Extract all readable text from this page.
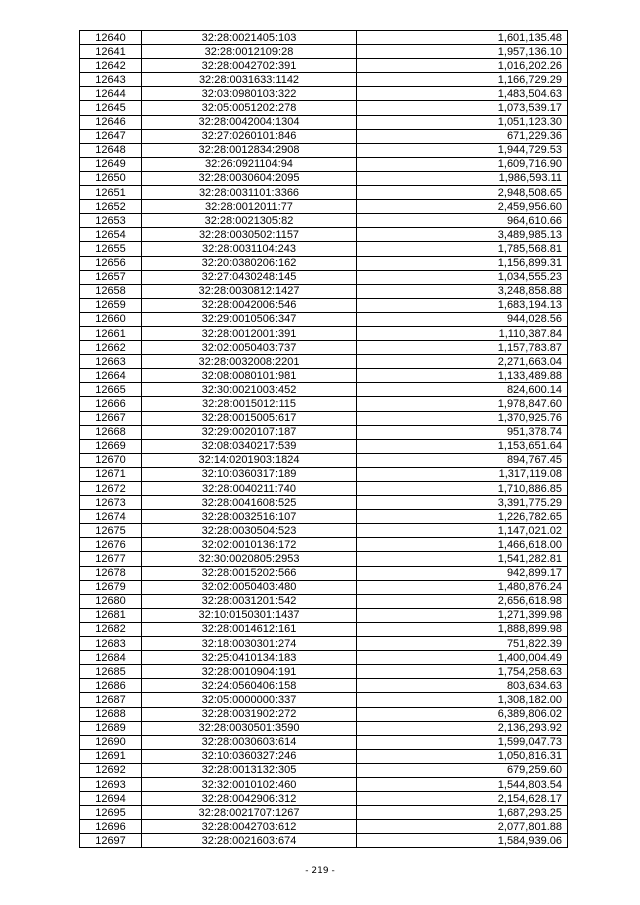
12640	32:28:0021405:103	1,601,135.48
12641	32:28:0012109:28	1,957,136.10
12642	32:28:0042702:391	1,016,202.26
12643	32:28:0031633:1142	1,166,729.29
12644	32:03:0980103:322	1,483,504.63
12645	32:05:0051202:278	1,073,539.17
12646	32:28:0042004:1304	1,051,123.30
12647	32:27:0260101:846	671,229.36
12648	32:28:0012834:2908	1,944,729.53
12649	32:26:0921104:94	1,609,716.90
12650	32:28:0030604:2095	1,986,593.11
12651	32:28:0031101:3366	2,948,508.65
12652	32:28:0012011:77	2,459,956.60
12653	32:28:0021305:82	964,610.66
12654	32:28:0030502:1157	3,489,985.13
12655	32:28:0031104:243	1,785,568.81
12656	32:20:0380206:162	1,156,899.31
12657	32:27:0430248:145	1,034,555.23
12658	32:28:0030812:1427	3,248,858.88
12659	32:28:0042006:546	1,683,194.13
12660	32:29:0010506:347	944,028.56
12661	32:28:0012001:391	1,110,387.84
12662	32:02:0050403:737	1,157,783.87
12663	32:28:0032008:2201	2,271,663.04
12664	32:08:0080101:981	1,133,489.88
12665	32:30:0021003:452	824,600.14
12666	32:28:0015012:115	1,978,847.60
12667	32:28:0015005:617	1,370,925.76
12668	32:29:0020107:187	951,378.74
12669	32:08:0340217:539	1,153,651.64
12670	32:14:0201903:1824	894,767.45
12671	32:10:0360317:189	1,317,119.08
12672	32:28:0040211:740	1,710,886.85
12673	32:28:0041608:525	3,391,775.29
12674	32:28:0032516:107	1,226,782.65
12675	32:28:0030504:523	1,147,021.02
12676	32:02:0010136:172	1,466,618.00
12677	32:30:0020805:2953	1,541,282.81
12678	32:28:0015202:566	942,899.17
12679	32:02:0050403:480	1,480,876.24
12680	32:28:0031201:542	2,656,618.98
12681	32:10:0150301:1437	1,271,399.98
12682	32:28:0014612:161	1,888,899.98
12683	32:18:0030301:274	751,822.39
12684	32:25:0410134:183	1,400,004.49
12685	32:28:0010904:191	1,754,258.63
12686	32:24:0560406:158	803,634.63
12687	32:05:0000000:337	1,308,182.00
12688	32:28:0031902:272	6,389,806.02
12689	32:28:0030501:3590	2,136,293.92
12690	32:28:0030603:614	1,599,047.73
12691	32:10:0360327:246	1,050,816.31
12692	32:28:0013132:305	679,259.60
12693	32:32:0010102:460	1,544,803.54
12694	32:28:0042906:312	2,154,628.17
12695	32:28:0021707:1267	1,687,293.25
12696	32:28:0042703:612	2,077,801.88
12697	32:28:0021603:674	1,584,939.06
- 219 -
